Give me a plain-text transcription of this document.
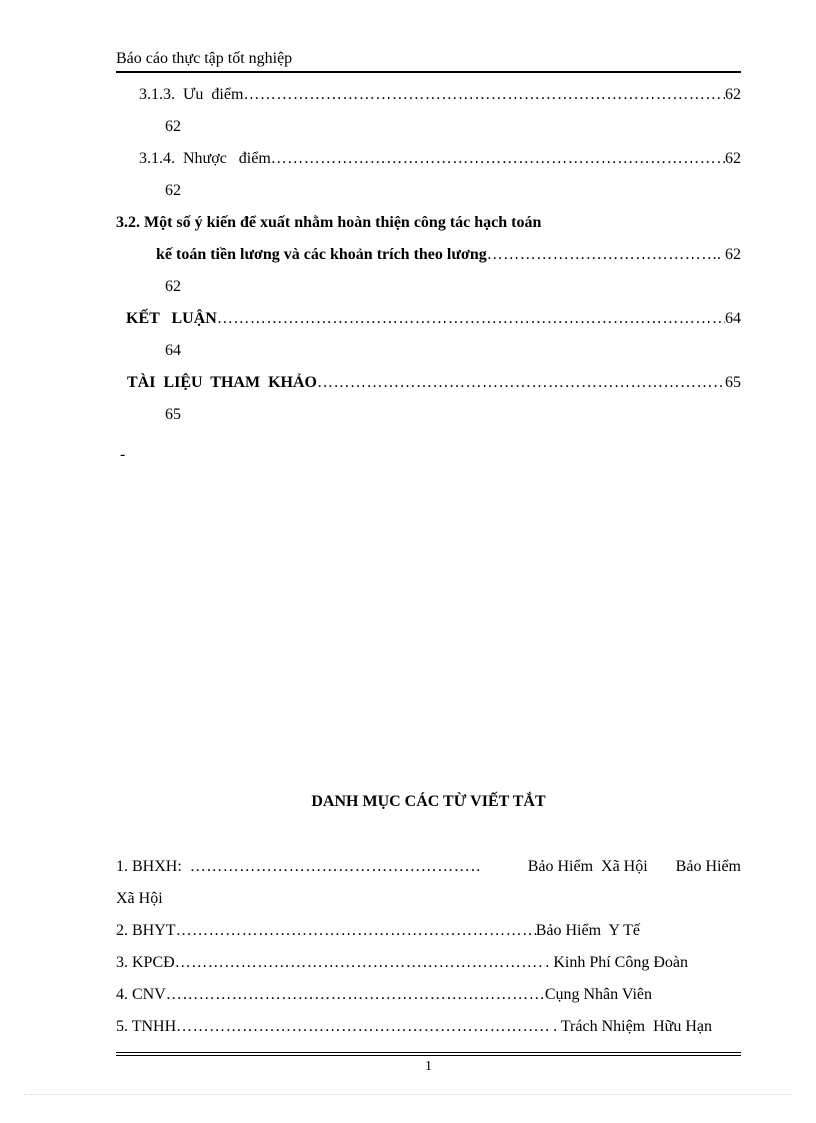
Báo cáo thực tập tốt nghiệp
3.1.3.  Ưu  điểm ……………………………………………………………………………………………………………………………………………………………………………	62
62
3.1.4.  Nhược   điểm ……………………………………………………………………………………………………………………………………………………………………………	62
62
3.2. Một số ý kiến để xuất nhằm hoàn thiện công tác hạch toán
kế toán tiền lương và các khoản trích theo lương ……………………………………………………………………………………………………………………………………………………………………………	. 62
62
KẾT   LUẬN ……………………………………………………………………………………………………………………………………………………………………………	64
64
TÀI  LIỆU  THAM  KHẢO ……………………………………………………………………………………………………………………………………………………………………………	65
65
-
DANH MỤC CÁC TỪ VIẾT TẮT
1. BHXH: ……………………………………………………………………………………………………………………………………………………………………………	Bảo Hiểm  Xã Hội       Bảo Hiểm
Xã Hội
2. BHYT ……………………………………………………………………………………………………………………………………………………………………………	Bảo Hiểm  Y Tế
3. KPCĐ ……………………………………………………………………………………………………………………………………………………………………………	. Kinh Phí Công Đoàn
4. CNV ……………………………………………………………………………………………………………………………………………………………………………	Cụng Nhân Viên
5. TNHH ……………………………………………………………………………………………………………………………………………………………………………	. . Trách Nhiệm  Hữu Hạn
1
